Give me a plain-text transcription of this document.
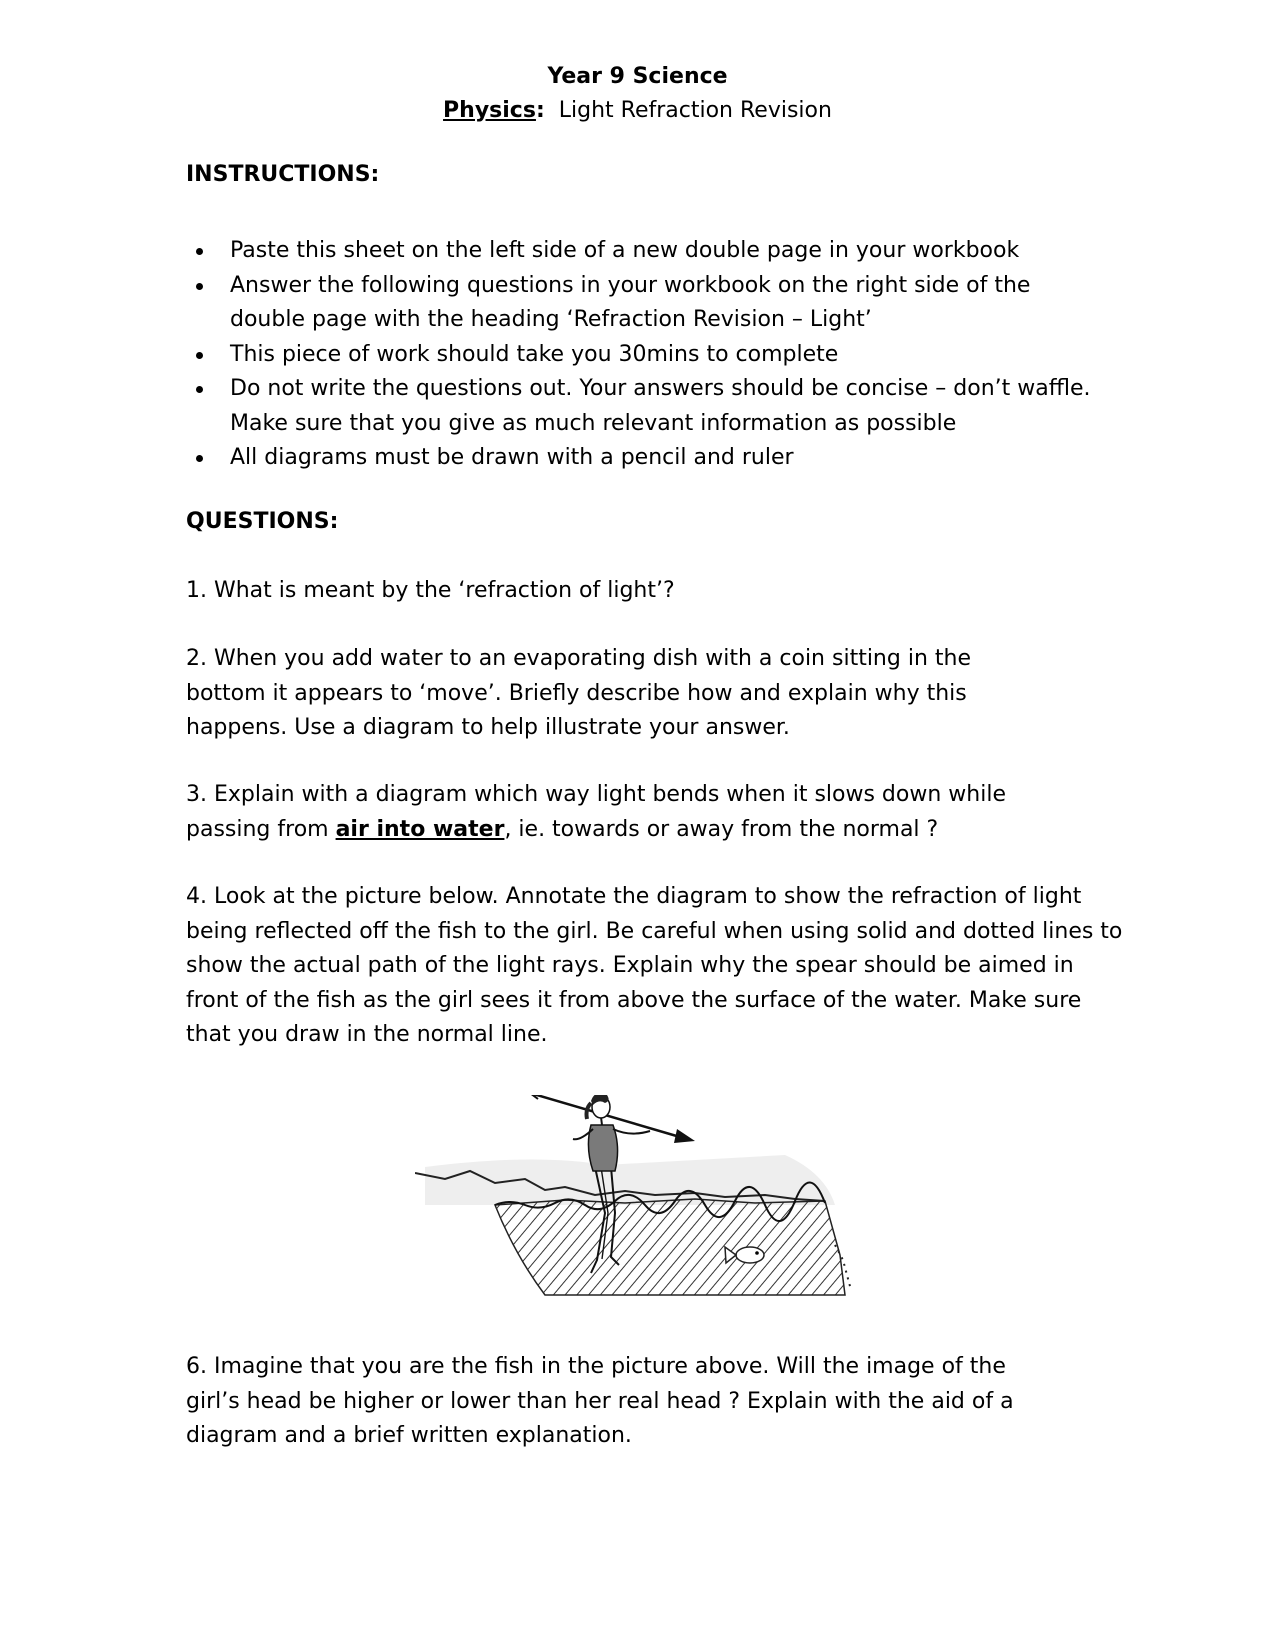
Year 9 Science
Physics: Light Refraction Revision
INSTRUCTIONS:
Paste this sheet on the left side of a new double page in your workbook
Answer the following questions in your workbook on the right side of the double page with the heading ‘Refraction Revision – Light’
This piece of work should take you 30mins to complete
Do not write the questions out. Your answers should be concise – don’t waffle. Make sure that you give as much relevant information as possible
All diagrams must be drawn with a pencil and ruler
QUESTIONS:

1. What is meant by the ‘refraction of light’?

2. When you add water to an evaporating dish with a coin sitting in the bottom it appears to ‘move’. Briefly describe how and explain why this happens. Use a diagram to help illustrate your answer.

3. Explain with a diagram which way light bends when it slows down while passing from air into water, ie. towards or away from the normal ?

4. Look at the picture below. Annotate the diagram to show the refraction of light being reflected off the fish to the girl. Be careful when using solid and dotted lines to show the actual path of the light rays. Explain why the spear should be aimed in front of the fish as the girl sees it from above the surface of the water. Make sure that you draw in the normal line.

6. Imagine that you are the fish in the picture above. Will the image of the girl’s head be higher or lower than her real head ? Explain with the aid of a diagram and a brief written explanation.
